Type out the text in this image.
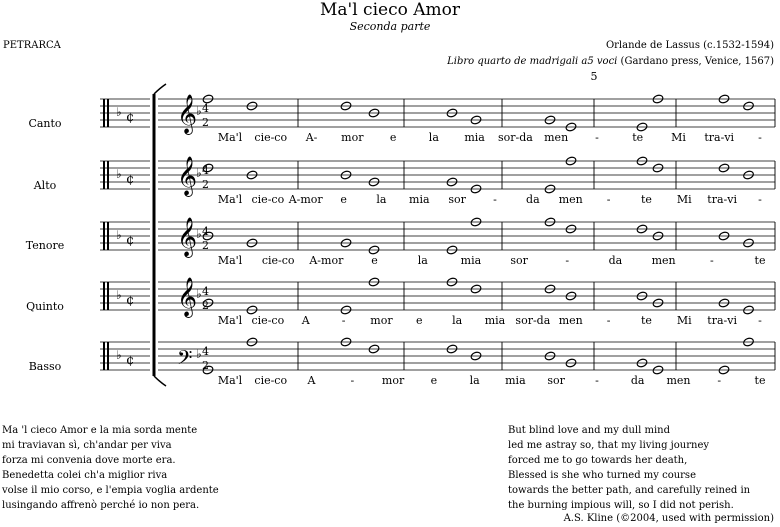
Ma'l cieco Amor
Seconda parte
PETRARCA	Orlande de Lassus (c.1532-1594)
Libro quarto de madrigali a5 voci (Gardano press, Venice, 1567)
Canto
Alto
Tenore
Quinto
Basso
5
♭ ¢ 𝄞
♭ 4
2
Ma'l cie-co A- mor e	la mia sor-da men -	te	Mi tra-vi -
♭ ¢ 𝄞
♭ 4
2
Ma'l cie-co A-mor e	la mia sor -	da men -	te Mi tra-vi -
♭ ¢ 𝄞
♭ 4
2
Ma'l cie-co A-mor	e	la	mia	sor	-	da	men	-	te
♭ ¢ 𝄞
♭ 4
2
Ma'l cie-co A	- mor e	la mia sor-da men -	te Mi tra-vi -
♭ ¢ 𝄢 ♭ 4
2
Ma'l cie-co A	-	mor e	la mia sor	-	da men -	te
Ma 'l cieco Amor e la mia sorda mente
mi traviavan sì, ch'andar per viva
forza mi convenia dove morte era.
Benedetta colei ch'a miglior riva
volse il mio corso, e l'empia voglia ardente
lusingando affrenò perché io non pera.
But blind love and my dull mind
led me astray so, that my living journey
forced me to go towards her death,
Blessed is she who turned my course
towards the better path, and carefully reined in
the burning impious will, so I did not perish.
A.S. Kline (©2004, used with permission)
